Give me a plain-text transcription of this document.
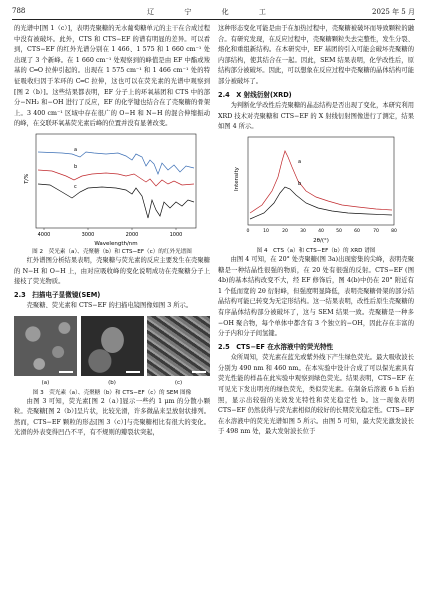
788	辽 宁 化 工	2025 年 5 月

的光谱中[图 1（c）]，表明壳聚糖的无水葡萄糖单元的主干在合成过程中没有被破坏。此外，CTS 和 CTS−EF 的谱有明显的差异。可以看到，CTS−EF 的红外光谱分别在 1 466、1 575 和 1 660 cm⁻¹ 处出现了 3 个新峰。在 1 660 cm⁻¹ 处观察到的峰值是由 EF 中酯或羧基的 C═O 拉伸引起的。出现在 1 575 cm⁻¹ 和 1 466 cm⁻¹ 处的特征吸收归因于苯环的 C═C 拉伸，这也可以在荧光素的光谱中观察到[图 2（b）]。这些结果都表明，EF 分子上的环氧基团和 CTS 中的部分−NH₂ 和−OH 进行了反应，EF 的化学键也结合在了壳聚糖的骨架上。3 400 cm⁻¹ 区域中存在很广的 O−H 和 N−H 的混合伸缩振动的峰，在交联环氧基荧光素后峰的位置并没有显著改变。

T/%
a
b
c
4000	3000	2000	1000
Wavelength/nm
图 2　荧光素（a）、壳聚糖（b）和 CTS−EF（c）的红外光谱图

红外谱图分析结果表明，壳聚糖与荧光素的反应主要发生在壳聚糖的 N−H 和 O−H 上，由对应吸收峰的变化说明成功在壳聚糖分子上接枝了荧光物质。

2.3　扫描电子显微镜(SEM)

壳聚糖、荧光素和 CTS−EF 的扫描电镜图像如图 3 所示。

(a)	(b)	(c)
图 3　荧光素（a）、壳聚糖（b）和 CTS−EF（c）的 SEM 图像

由图 3 可知，荧光素[图 2（a）]显示一些约 1 μm 的分散小颗粒。壳聚糖[图 2（b）]呈片状，比较光滑，许多微晶来呈放射状排列。然而，CTS−EF 颗粒的形态[图 3（c）]与壳聚糖相比有很大的变化。光滑的外表变得凹凸不平，有不规则的瓣裂状突起，

这种形态变化可能是由于在加热过程中，壳聚糖被破坏而导致颗粒的融合。有研究发现，在反应过程中，壳聚糖颗粒失去完整性，发生分裂、熔化和重组新结构。在本研究中，EF 基团的引入可能会破坏壳聚糖的内部结构，使其结合在一起。因此，SEM 结果表明，化学改性后，原结构部分被破坏。因此，可以想象在反应过程中壳聚糖的晶体结构可能部分被破坏了。

2.4　X 射线衍射(XRD)

为判断化学改性后壳聚糖的晶态结构是否出现了变化，本研究利用 XRD 技术对壳聚糖和 CTS−EF 的 X 射线衍射图像进行了测定，结果如图 4 所示。

Intensity
a
b
0	10	20	30	40	50	60	70	80
2θ/(°)
图 4　CTS（a）和 CTS−EF（b）的 XRD 谱图

由图 4 可知，在 20° 处壳聚糖(图 3a)出现密集的尖峰，表明壳聚糖是一种结晶性很强的物质，在 20 处有很强的反射。CTS−EF (图 4b)的基本结构改变不大，经 EF 修饰后，图 4(b)中仍在 20° 附近有 1 个低而宽的 2θ 衍射峰，但强度明显降低，表明壳聚糖骨架的部分结晶结构可能已转变为无定形结构。这一结果表明，改性后原生壳聚糖的有序晶体结构部分被破坏了，这与 SEM 结果一致。壳聚糖是一种多−OH 聚合物，每个单体中都含有 3 个独立的−OH，因此存在丰富的分子内和分子间氢键。

2.5　CTS−EF 在水溶液中的荧光特性

众所周知，荧光素在蓝光或紫外线下产生绿色荧光。最大吸收波长分别为 490 nm 和 460 nm。在本实验中设计合成了可以保光素具有荧光性能的样品在此实验中观察到绿色荧光。结果表明，CTS−EF 在可见光下发出明亮的绿色荧光，类似荧光素。在制备后溶液 6 h 后拍照，显示出较强的光效发光特性和荧光稳定性 b。这一现象表明 CTS−EF 仍然获得与荧光素相似的较好的长期荧光稳定性。CTS−EF 在水溶液中的荧光光谱如图 5 所示。由图 5 可知，最大荧光激发波长于 498 nm 处，最大发射波长位于
